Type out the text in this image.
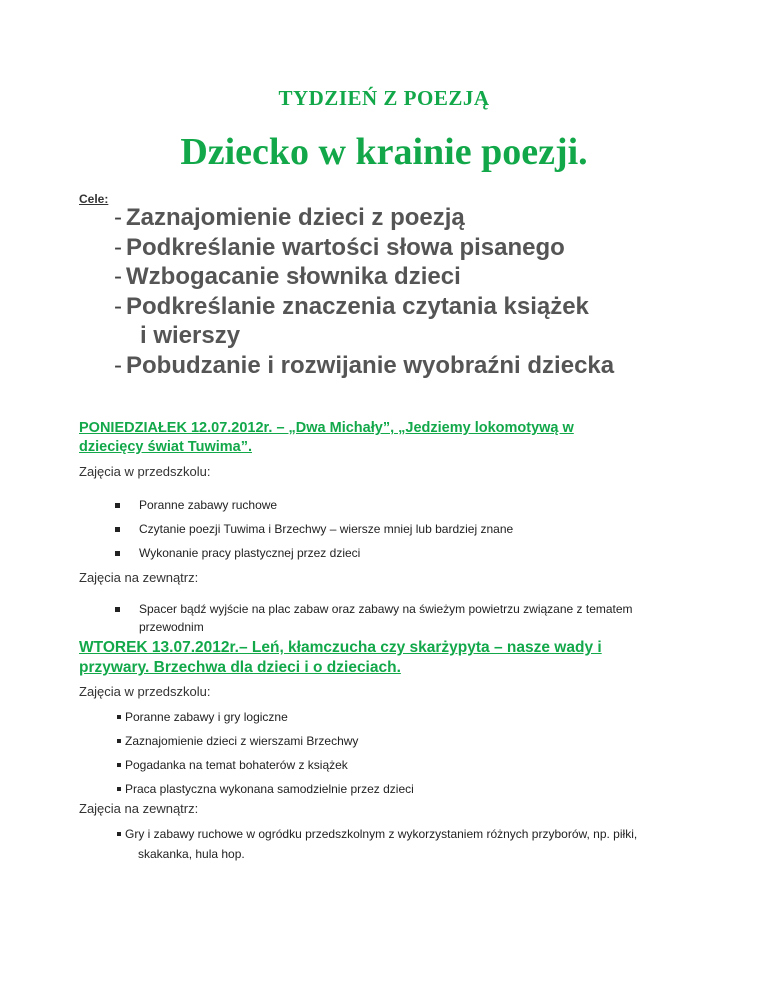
TYDZIEŃ Z POEZJĄ
Dziecko w krainie poezji.
Cele:
- Zaznajomienie dzieci z poezją
- Podkreślanie wartości słowa pisanego
- Wzbogacanie słownika dzieci
- Podkreślanie znaczenia czytania książek
i wierszy
- Pobudzanie i rozwijanie wyobraźni dziecka
PONIEDZIAŁEK 12.07.2012r. – „Dwa Michały”, „Jedziemy lokomotywą w
dziecięcy świat Tuwima”.
Zajęcia w przedszkolu:
Poranne zabawy ruchowe
Czytanie poezji Tuwima i Brzechwy – wiersze mniej lub bardziej znane
Wykonanie pracy plastycznej przez dzieci
Zajęcia na zewnątrz:
Spacer bądź wyjście na plac zabaw oraz zabawy na świeżym powietrzu związane z tematem
przewodnim
WTOREK 13.07.2012r.– Leń, kłamczucha czy skarżypyta – nasze wady i
przywary. Brzechwa dla dzieci i o dzieciach.
Zajęcia w przedszkolu:
Poranne zabawy i gry logiczne
Zaznajomienie dzieci z wierszami Brzechwy
Pogadanka na temat bohaterów z książek
Praca plastyczna wykonana samodzielnie przez dzieci
Zajęcia na zewnątrz:
Gry i zabawy ruchowe w ogródku przedszkolnym z wykorzystaniem różnych przyborów, np. piłki,
skakanka, hula hop.
